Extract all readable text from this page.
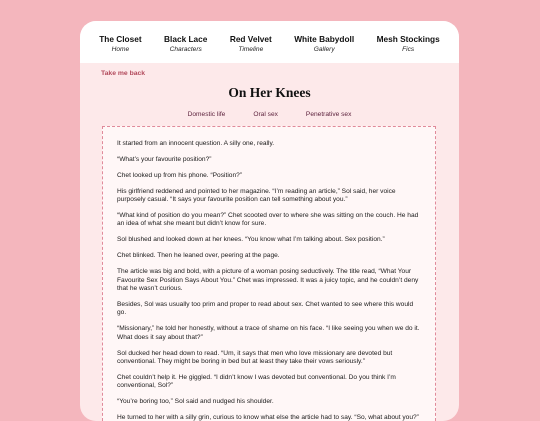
The Closet
Home
Black Lace
Characters
Red Velvet
Timeline
White Babydoll
Gallery
Mesh Stockings
Fics
Take me back
On Her Knees
Domestic life	Oral sex	Penetrative sex

It started from an innocent question. A silly one, really.

“What’s your favourite position?”

Chet looked up from his phone. “Position?”

His girlfriend reddened and pointed to her magazine. “I’m reading an article,” Sol said, her voice purposely casual. “It says your favourite position can tell something about you.”

“What kind of position do you mean?” Chet scooted over to where she was sitting on the couch. He had an idea of what she meant but didn’t know for sure.

Sol blushed and looked down at her knees. “You know what I’m talking about. Sex position.”

Chet blinked. Then he leaned over, peering at the page.

The article was big and bold, with a picture of a woman posing seductively. The title read, “What Your Favourite Sex Position Says About You.” Chet was impressed. It was a juicy topic, and he couldn’t deny that he wasn’t curious.

Besides, Sol was usually too prim and proper to read about sex. Chet wanted to see where this would go.

“Missionary,” he told her honestly, without a trace of shame on his face. “I like seeing you when we do it. What does it say about that?”

Sol ducked her head down to read. “Um, it says that men who love missionary are devoted but conventional. They might be boring in bed but at least they take their vows seriously.”

Chet couldn’t help it. He giggled. “I didn’t know I was devoted but conventional. Do you think I’m conventional, Sol?”

“You’re boring too,” Sol said and nudged his shoulder.

He turned to her with a silly grin, curious to know what else the article had to say. “So, what about you?”
